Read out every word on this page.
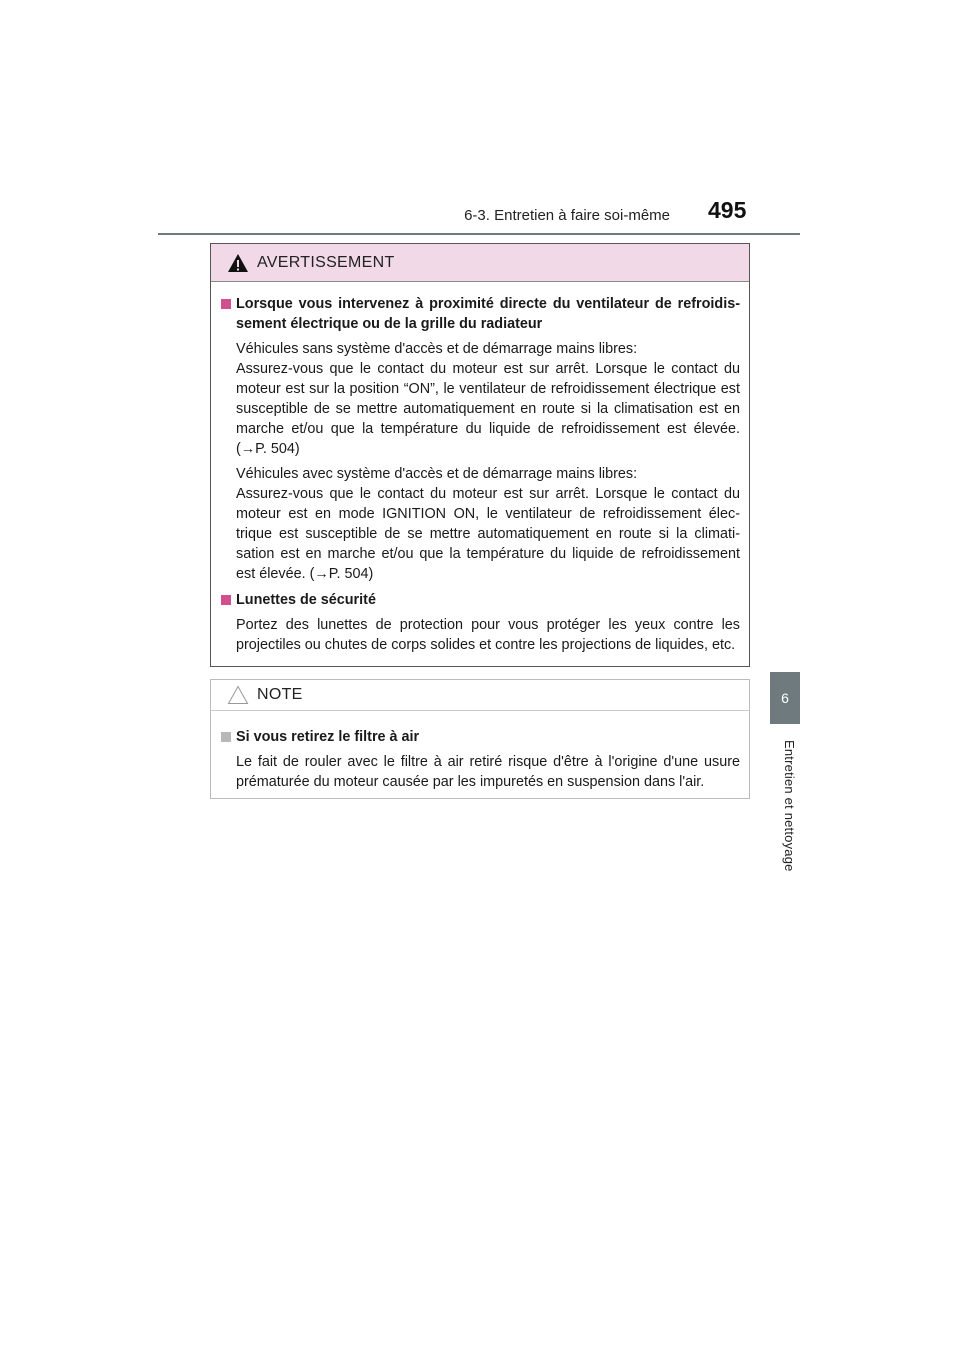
6-3. Entretien à faire soi-même 495
6
Entretien et nettoyage
AVERTISSEMENT
Lorsque vous intervenez à proximité directe du ventilateur de refroidis-sement électrique ou de la grille du radiateur
Véhicules sans système d'accès et de démarrage mains libres:
Assurez-vous que le contact du moteur est sur arrêt. Lorsque le contact du moteur est sur la position “ON”, le ventilateur de refroidissement électrique est susceptible de se mettre automatiquement en route si la climatisation est en marche et/ou que la température du liquide de refroidissement est élevée. (→P. 504)
Véhicules avec système d'accès et de démarrage mains libres:
Assurez-vous que le contact du moteur est sur arrêt. Lorsque le contact du moteur est en mode IGNITION ON, le ventilateur de refroidissement élec-trique est susceptible de se mettre automatiquement en route si la climati-sation est en marche et/ou que la température du liquide de refroidissement est élevée. (→P. 504)
Lunettes de sécurité
Portez des lunettes de protection pour vous protéger les yeux contre les projectiles ou chutes de corps solides et contre les projections de liquides, etc.
NOTE
Si vous retirez le filtre à air
Le fait de rouler avec le filtre à air retiré risque d'être à l'origine d'une usure prématurée du moteur causée par les impuretés en suspension dans l'air.
